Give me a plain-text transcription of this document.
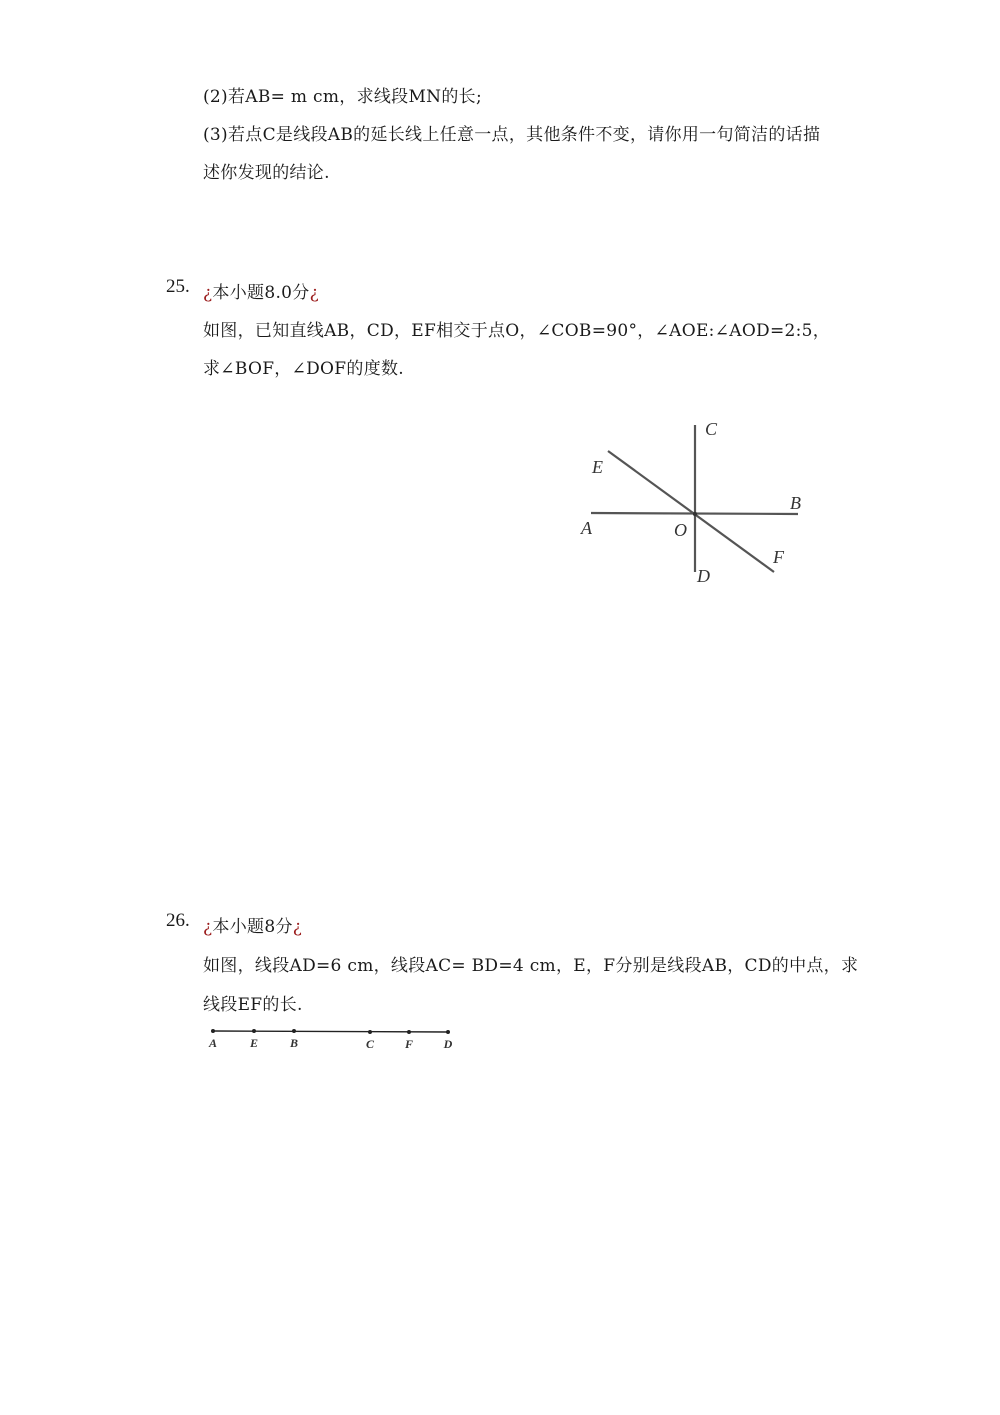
(2)若AB= m cm，求线段MN的长;
(3)若点C是线段AB的延长线上任意一点，其他条件不变，请你用一句简洁的话描
述你发现的结论.
25. ¿本小题8.0分¿
如图，已知直线AB，CD，EF相交于点O，∠COB=90°，∠AOE:∠AOD=2:5，
求∠BOF，∠DOF的度数.
C
E
B
A	O
F
D
26. ¿本小题8分¿
如图，线段AD=6 cm，线段AC= BD=4 cm，E，F分别是线段AB，CD的中点，求
线段EF的长.
A	E	B	C	F	D
